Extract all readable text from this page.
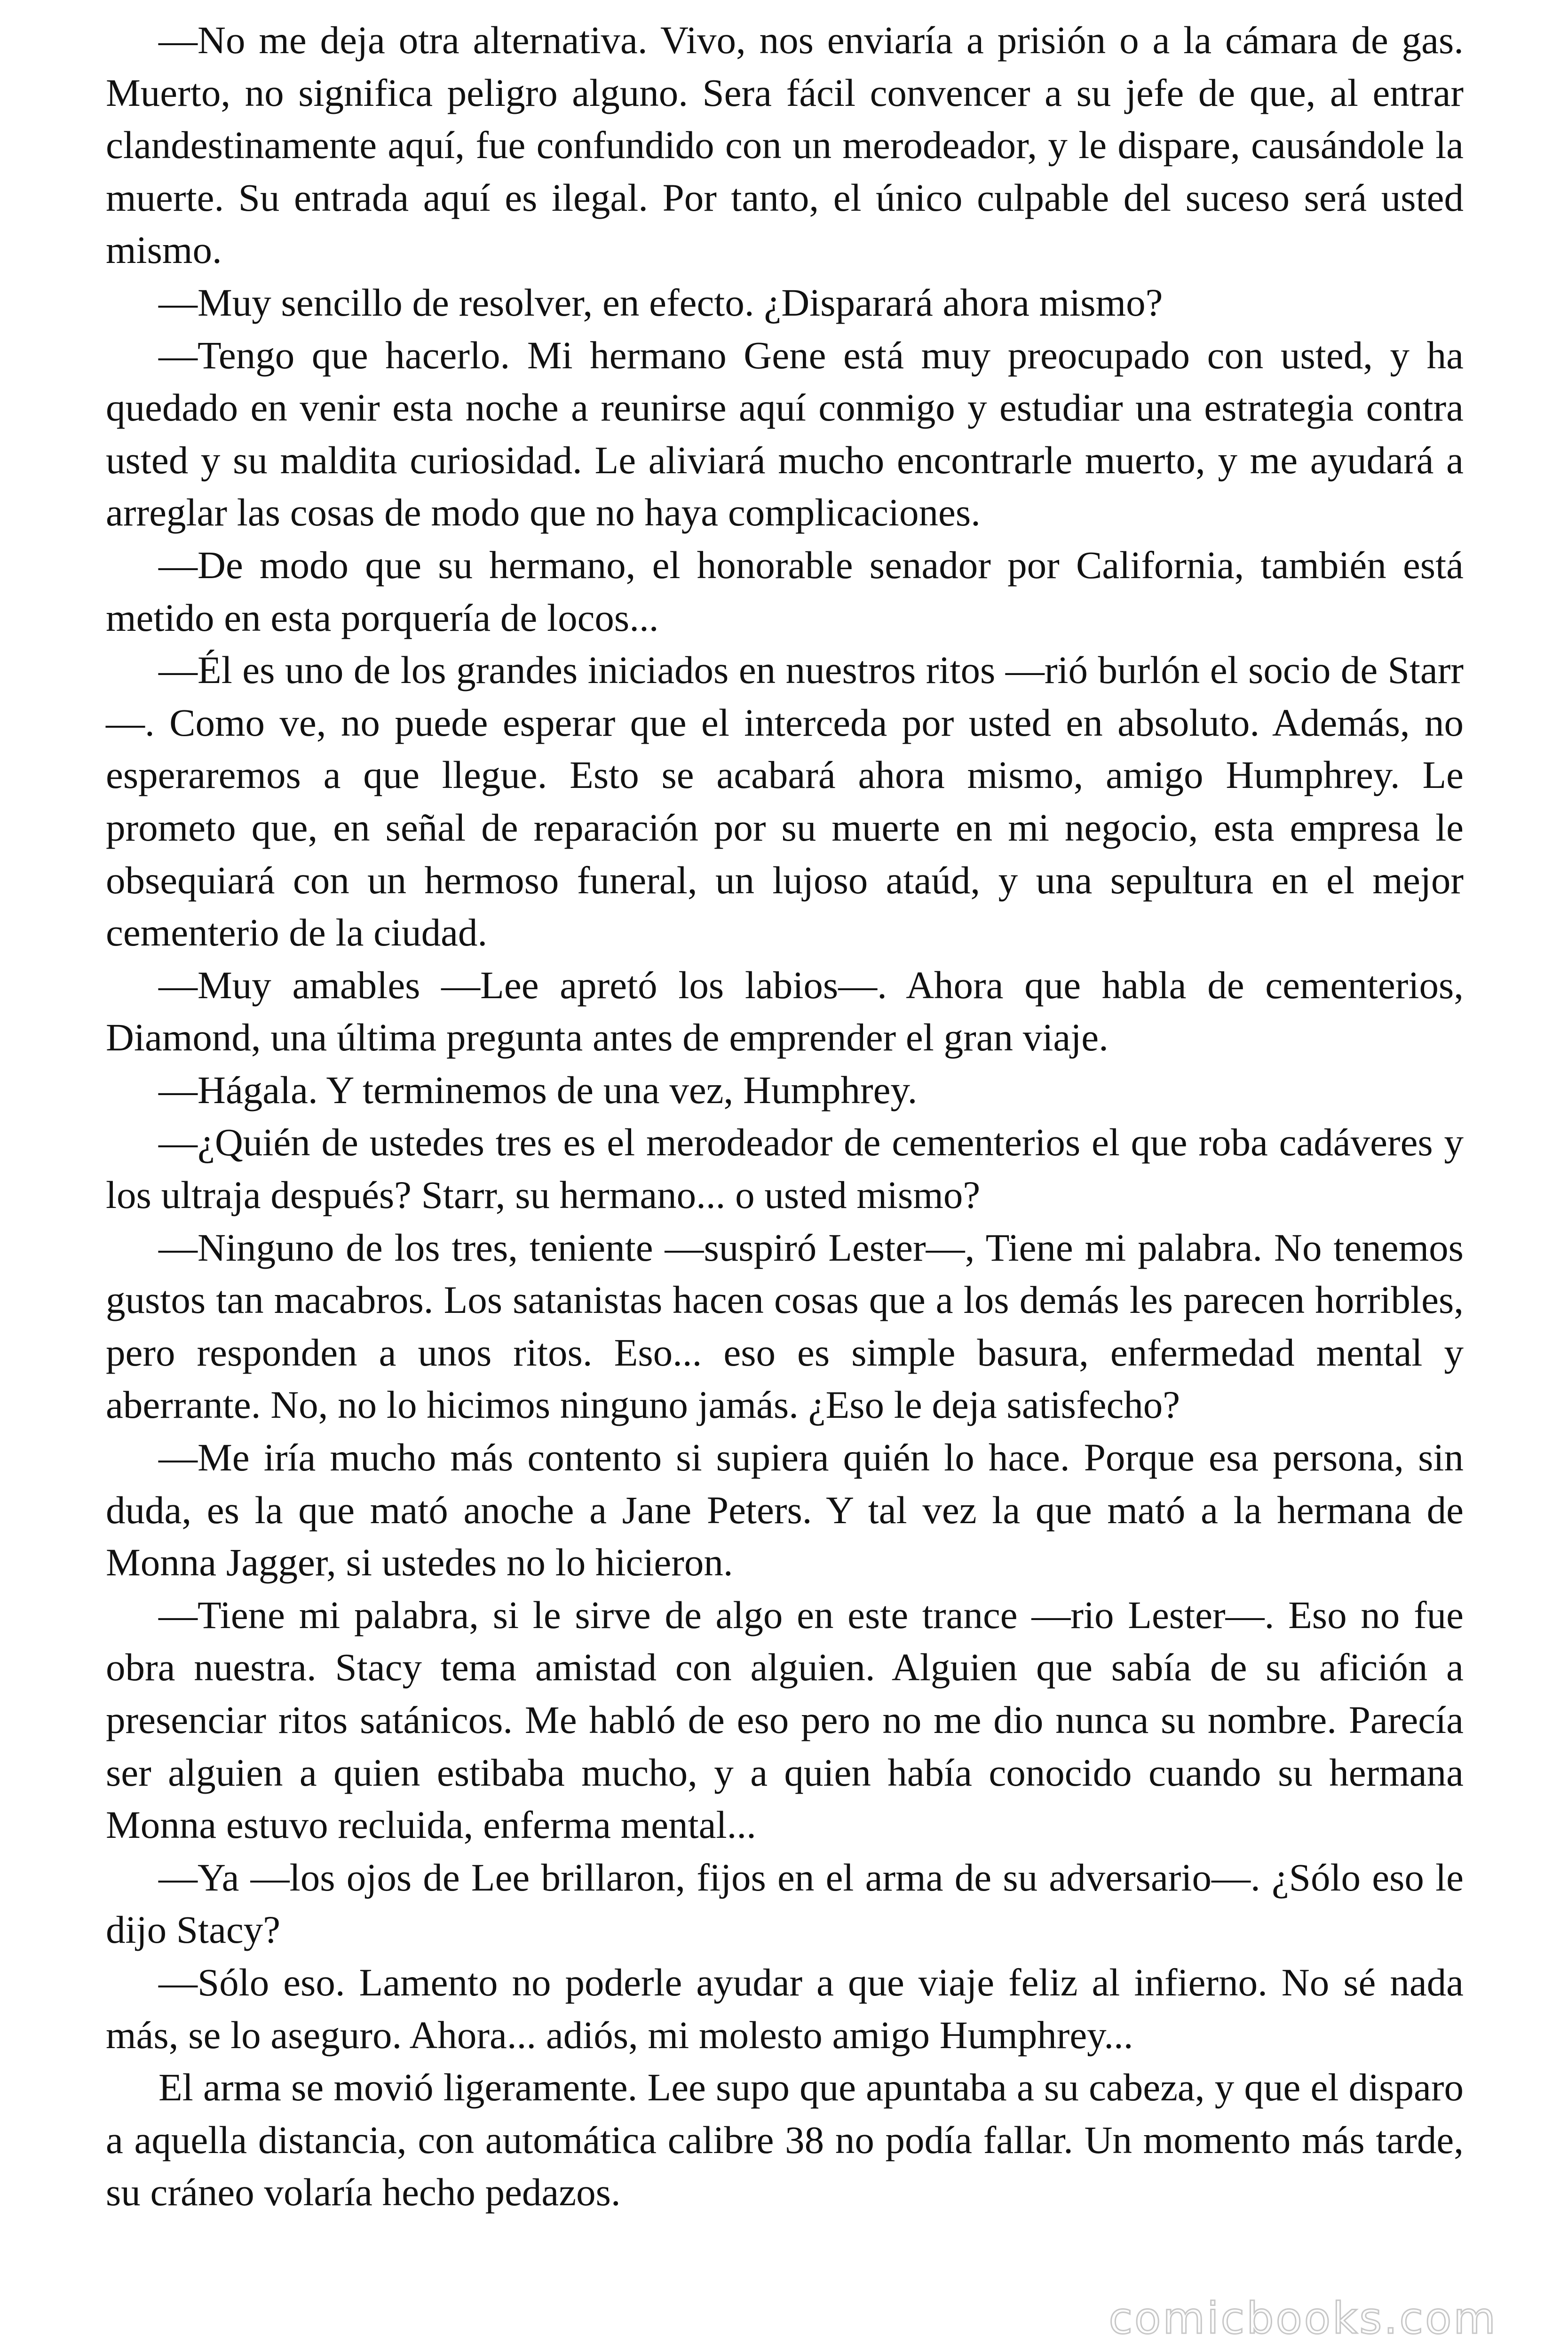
—No me deja otra alternativa. Vivo, nos enviaría a prisión o a la cámara de gas. Muerto, no significa peligro alguno. Sera fácil convencer a su jefe de que, al entrar clandestinamente aquí, fue confundido con un merodeador, y le dispare, causándole la muerte. Su entrada aquí es ilegal. Por tanto, el único culpable del suceso será usted mismo.

—Muy sencillo de resolver, en efecto. ¿Disparará ahora mismo?

—Tengo que hacerlo. Mi hermano Gene está muy preocupado con usted, y ha quedado en venir esta noche a reunirse aquí conmigo y estudiar una estrategia contra usted y su maldita curiosidad. Le aliviará mucho encontrarle muerto, y me ayudará a arreglar las cosas de modo que no haya complicaciones.

—De modo que su hermano, el honorable senador por California, también está metido en esta porquería de locos...

—Él es uno de los grandes iniciados en nuestros ritos —rió burlón el socio de Starr—. Como ve, no puede esperar que el interceda por usted en absoluto. Además, no esperaremos a que llegue. Esto se acabará ahora mismo, amigo Humphrey. Le prometo que, en señal de reparación por su muerte en mi negocio, esta empresa le obsequiará con un hermoso funeral, un lujoso ataúd, y una sepultura en el mejor cementerio de la ciudad.

—Muy amables —Lee apretó los labios—. Ahora que habla de cementerios, Diamond, una última pregunta antes de emprender el gran viaje.

—Hágala. Y terminemos de una vez, Humphrey.

—¿Quién de ustedes tres es el merodeador de cementerios el que roba cadáveres y los ultraja después? Starr, su hermano... o usted mismo?

—Ninguno de los tres, teniente —suspiró Lester—, Tiene mi palabra. No tenemos gustos tan macabros. Los satanistas hacen cosas que a los demás les parecen horribles, pero responden a unos ritos. Eso... eso es simple basura, enfermedad mental y aberrante. No, no lo hicimos ninguno jamás. ¿Eso le deja satisfecho?

—Me iría mucho más contento si supiera quién lo hace. Porque esa persona, sin duda, es la que mató anoche a Jane Peters. Y tal vez la que mató a la hermana de Monna Jagger, si ustedes no lo hicieron.

—Tiene mi palabra, si le sirve de algo en este trance —rio Lester—. Eso no fue obra nuestra. Stacy tema amistad con alguien. Alguien que sabía de su afición a presenciar ritos satánicos. Me habló de eso pero no me dio nunca su nombre. Parecía ser alguien a quien estibaba mucho, y a quien había conocido cuando su hermana Monna estuvo recluida, enferma mental...

—Ya —los ojos de Lee brillaron, fijos en el arma de su adversario—. ¿Sólo eso le dijo Stacy?

—Sólo eso. Lamento no poderle ayudar a que viaje feliz al infierno. No sé nada más, se lo aseguro. Ahora... adiós, mi molesto amigo Humphrey...

El arma se movió ligeramente. Lee supo que apuntaba a su cabeza, y que el disparo a aquella distancia, con automática calibre 38 no podía fallar. Un momento más tarde, su cráneo volaría hecho pedazos.

comicbooks.com
